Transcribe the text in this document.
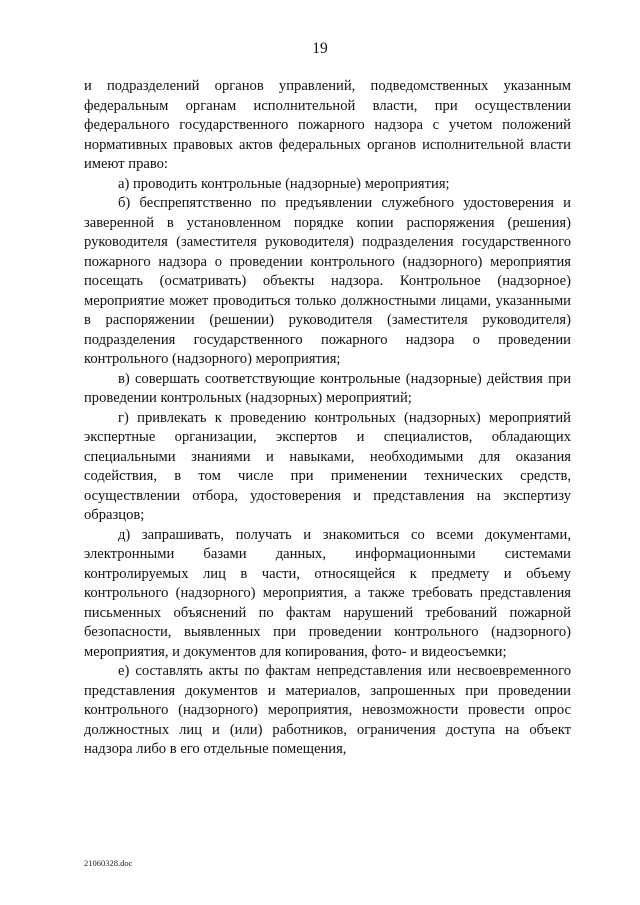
19

и подразделений органов управлений, подведомственных указанным федеральным органам исполнительной власти, при осуществлении федерального государственного пожарного надзора с учетом положений нормативных правовых актов федеральных органов исполнительной власти имеют право:

а) проводить контрольные (надзорные) мероприятия;

б) беспрепятственно по предъявлении служебного удостоверения и заверенной в установленном порядке копии распоряжения (решения) руководителя (заместителя руководителя) подразделения государственного пожарного надзора о проведении контрольного (надзорного) мероприятия посещать (осматривать) объекты надзора. Контрольное (надзорное) мероприятие может проводиться только должностными лицами, указанными в распоряжении (решении) руководителя (заместителя руководителя) подразделения государственного пожарного надзора о проведении контрольного (надзорного) мероприятия;

в) совершать соответствующие контрольные (надзорные) действия при проведении контрольных (надзорных) мероприятий;

г) привлекать к проведению контрольных (надзорных) мероприятий экспертные организации, экспертов и специалистов, обладающих специальными знаниями и навыками, необходимыми для оказания содействия, в том числе при применении технических средств, осуществлении отбора, удостоверения и представления на экспертизу образцов;

д) запрашивать, получать и знакомиться со всеми документами, электронными базами данных, информационными системами контролируемых лиц в части, относящейся к предмету и объему контрольного (надзорного) мероприятия, а также требовать представления письменных объяснений по фактам нарушений требований пожарной безопасности, выявленных при проведении контрольного (надзорного) мероприятия, и документов для копирования, фото- и видеосъемки;

е) составлять акты по фактам непредставления или несвоевременного представления документов и материалов, запрошенных при проведении контрольного (надзорного) мероприятия, невозможности провести опрос должностных лиц и (или) работников, ограничения доступа на объект надзора либо в его отдельные помещения,

21060328.doc
